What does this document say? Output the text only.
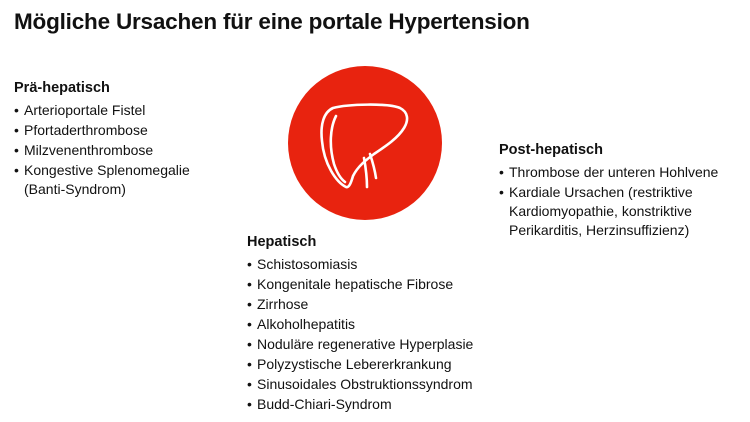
Mögliche Ursachen für eine portale Hypertension
Prä-hepatisch
• Arterioportale Fistel
• Pfortaderthrombose
• Milzvenenthrombose
• Kongestive Splenomegalie
(Banti-Syndrom)
Hepatisch
• Schistosomiasis
• Kongenitale hepatische Fibrose
• Zirrhose
• Alkoholhepatitis
• Noduläre regenerative Hyperplasie
• Polyzystische Lebererkrankung
• Sinusoidales Obstruktionssyndrom
• Budd-Chiari-Syndrom
Post-hepatisch
• Thrombose der unteren Hohlvene
• Kardiale Ursachen (restriktive
Kardiomyopathie, konstriktive
Perikarditis, Herzinsuffizienz)
